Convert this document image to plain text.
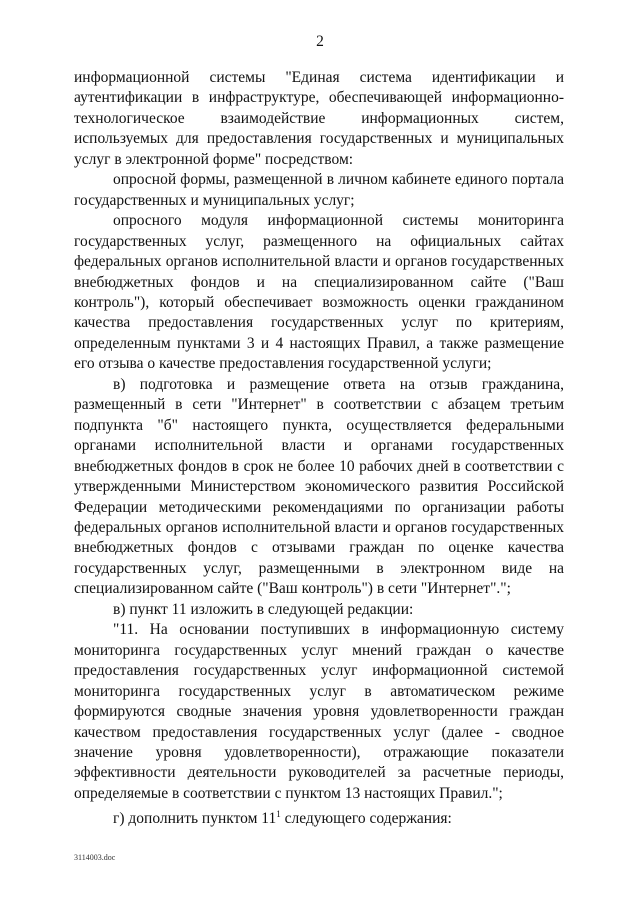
2

информационной системы "Единая система идентификации и аутентификации в инфраструктуре, обеспечивающей информационно-технологическое взаимодействие информационных систем, используемых для предоставления государственных и муниципальных услуг в электронной форме" посредством:

опросной формы, размещенной в личном кабинете единого портала государственных и муниципальных услуг;

опросного модуля информационной системы мониторинга государственных услуг, размещенного на официальных сайтах федеральных органов исполнительной власти и органов государственных внебюджетных фондов и на специализированном сайте ("Ваш контроль"), который обеспечивает возможность оценки гражданином качества предоставления государственных услуг по критериям, определенным пунктами 3 и 4 настоящих Правил, а также размещение его отзыва о качестве предоставления государственной услуги;

в) подготовка и размещение ответа на отзыв гражданина, размещенный в сети "Интернет" в соответствии с абзацем третьим подпункта "б" настоящего пункта, осуществляется федеральными органами исполнительной власти и органами государственных внебюджетных фондов в срок не более 10 рабочих дней в соответствии с утвержденными Министерством экономического развития Российской Федерации методическими рекомендациями по организации работы федеральных органов исполнительной власти и органов государственных внебюджетных фондов с отзывами граждан по оценке качества государственных услуг, размещенными в электронном виде на специализированном сайте ("Ваш контроль") в сети "Интернет".";

в) пункт 11 изложить в следующей редакции:

"11. На основании поступивших в информационную систему мониторинга государственных услуг мнений граждан о качестве предоставления государственных услуг информационной системой мониторинга государственных услуг в автоматическом режиме формируются сводные значения уровня удовлетворенности граждан качеством предоставления государственных услуг (далее - сводное значение уровня удовлетворенности), отражающие показатели эффективности деятельности руководителей за расчетные периоды, определяемые в соответствии с пунктом 13 настоящих Правил.";

г) дополнить пунктом $11^1$ следующего содержания:

3114003.doc
